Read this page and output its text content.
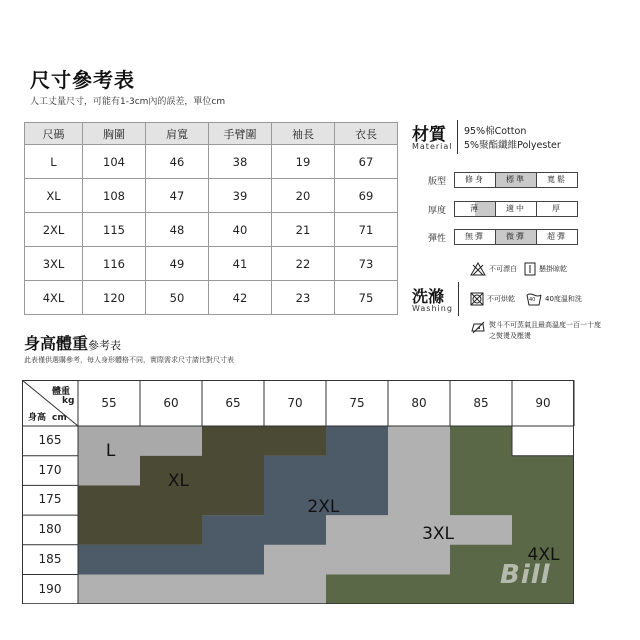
尺寸參考表
人工丈量尺寸，可能有1-3cm內的誤差，單位cm
尺碼	胸圍	肩寬	手臂圍	袖長	衣長
L	104	46	38	19	67
XL	108	47	39	20	69
2XL	115	48	40	21	71
3XL	116	49	41	22	73
4XL	120	50	42	23	75
材質
Material
95%棉Cotton
5%聚酯纖維Polyester
版型	修身	標準	寬鬆
厚度	薄	適中	厚
彈性	無彈	微彈	超彈
洗滌
Washing
不可漂白	懸掛晾乾
不可烘乾	40 40度溫和洗
熨斗不可蒸氣且最高溫度一百一十度之熨燙及壓燙
身高體重參考表
此表僅供選購參考，每人身形體格不同，實際需求尺寸請比對尺寸表
55	60	65	70	75	80	85	90
165
170
175
180
185
190
體重
kg
身高 cm
L
XL
2XL
3XL
4XL
Bill
